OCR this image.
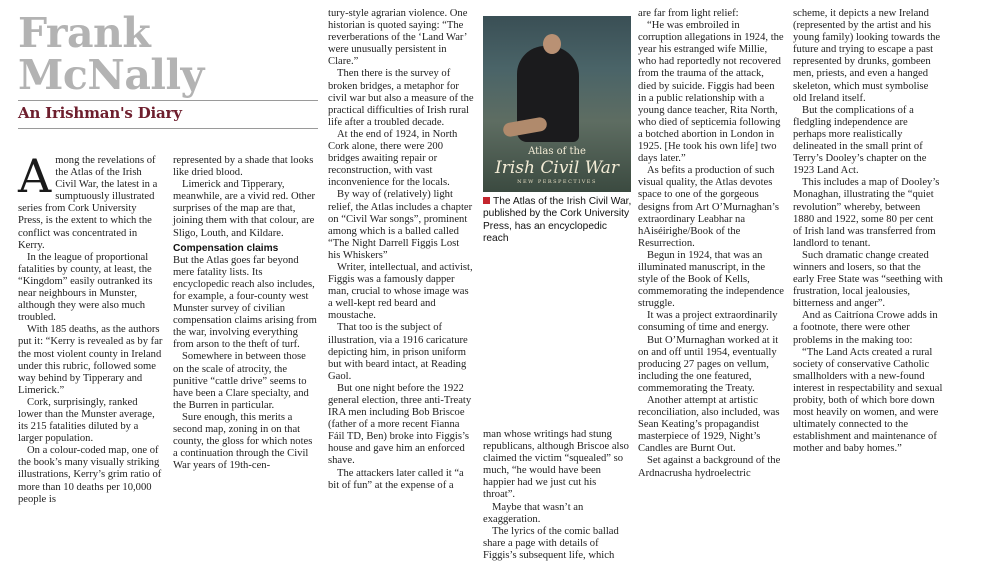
Frank
McNally
An Irishman's Diary

Among the revelations of the Atlas of the Irish Civil War, the latest in a sumptuously illustrated series from Cork University Press, is the extent to which the conflict was concentrated in Kerry.

In the league of proportional fatalities by county, at least, the “Kingdom” easily outranked its near neighbours in Munster, although they were also much troubled.

With 185 deaths, as the authors put it: “Kerry is revealed as by far the most violent county in Ireland under this rubric, followed some way behind by Tipperary and Limerick.”

Cork, surprisingly, ranked lower than the Munster average, its 215 fatalities diluted by a larger population.

On a colour-coded map, one of the book’s many visually striking illustrations, Kerry’s grim ratio of more than 10 deaths per 10,000 people is

represented by a shade that looks like dried blood.

Limerick and Tipperary, meanwhile, are a vivid red. Other surprises of the map are that, joining them with that colour, are Sligo, Louth, and Kildare.

Compensation claims

But the Atlas goes far beyond mere fatality lists. Its encyclopedic reach also includes, for example, a four-county west Munster survey of civilian compensation claims arising from the war, involving everything from arson to the theft of turf.

Somewhere in between those on the scale of atrocity, the punitive “cattle drive” seems to have been a Clare specialty, and the Burren in particular.

Sure enough, this merits a second map, zoning in on that county, the gloss for which notes a continuation through the Civil War years of 19th-cen-

tury-style agrarian violence. One historian is quoted saying: “The reverberations of the ‘Land War’ were unusually persistent in Clare.”

Then there is the survey of broken bridges, a metaphor for civil war but also a measure of the practical difficulties of Irish rural life after a troubled decade.

At the end of 1924, in North Cork alone, there were 200 bridges awaiting repair or reconstruction, with vast inconvenience for the locals.

By way of (relatively) light relief, the Atlas includes a chapter on “Civil War songs”, prominent among which is a balled called “The Night Darrell Figgis Lost his Whiskers”

Writer, intellectual, and activist, Figgis was a famously dapper man, crucial to whose image was a well-kept red beard and moustache.

That too is the subject of illustration, via a 1916 caricature depicting him, in prison uniform but with beard intact, at Reading Gaol.

But one night before the 1922 general election, three anti-Treaty IRA men including Bob Briscoe (father of a more recent Fianna Fáil TD, Ben) broke into Figgis’s house and gave him an enforced shave.

The attackers later called it “a bit of fun” at the expense of a

Atlas of the
Irish Civil War
NEW PERSPECTIVES
The Atlas of the Irish Civil War, published by the Cork University Press, has an encyclopedic reach

man whose writings had stung republicans, although Briscoe also claimed the victim “squealed” so much, “he would have been happier had we just cut his throat”.

Maybe that wasn’t an exaggeration.

The lyrics of the comic ballad share a page with details of Figgis’s subsequent life, which

are far from light relief:

“He was embroiled in corruption allegations in 1924, the year his estranged wife Millie, who had reportedly not recovered from the trauma of the attack, died by suicide. Figgis had been in a public relationship with a young dance teacher, Rita North, who died of septicemia following a botched abortion in London in 1925. [He took his own life] two days later.”

As befits a production of such visual quality, the Atlas devotes space to one of the gorgeous designs from Art O’Murnaghan’s extraordinary Leabhar na hAiséirighe/Book of the Resurrection.

Begun in 1924, that was an illuminated manuscript, in the style of the Book of Kells, commemorating the independence struggle.

It was a project extraordinarily consuming of time and energy.

But O’Murnaghan worked at it on and off until 1954, eventually producing 27 pages on vellum, including the one featured, commemorating the Treaty.

Another attempt at artistic reconciliation, also included, was Sean Keating’s propagandist masterpiece of 1929, Night’s Candles are Burnt Out.

Set against a background of the Ardnacrusha hydroelectric

scheme, it depicts a new Ireland (represented by the artist and his young family) looking towards the future and trying to escape a past represented by drunks, gombeen men, priests, and even a hanged skeleton, which must symbolise old Ireland itself.

But the complications of a fledgling independence are perhaps more realistically delineated in the small print of Terry’s Dooley’s chapter on the 1923 Land Act.

This includes a map of Dooley’s Monaghan, illustrating the “quiet revolution” whereby, between 1880 and 1922, some 80 per cent of Irish land was transferred from landlord to tenant.

Such dramatic change created winners and losers, so that the early Free State was “seething with frustration, local jealousies, bitterness and anger”.

And as Caitríona Crowe adds in a footnote, there were other problems in the making too:

“The Land Acts created a rural society of conservative Catholic smallholders with a new-found interest in respectability and sexual probity, both of which bore down most heavily on women, and were ultimately connected to the establishment and maintenance of mother and baby homes.”
